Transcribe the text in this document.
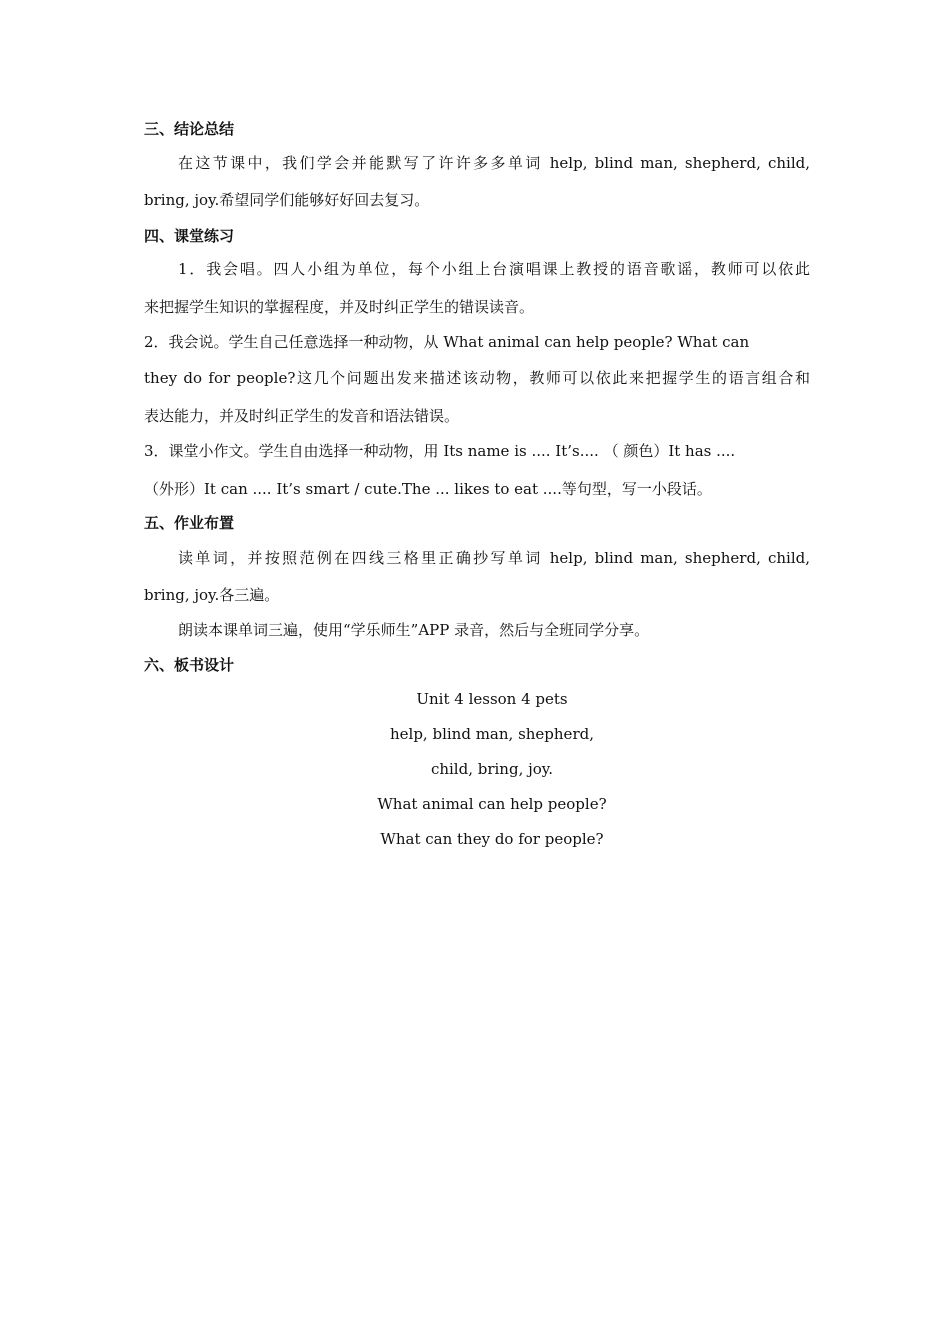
三、结论总结
在这节课中，我们学会并能默写了许许多多单词 help, blind man, shepherd, child,
bring, joy.希望同学们能够好好回去复习。
四、课堂练习
1．我会唱。四人小组为单位，每个小组上台演唱课上教授的语音歌谣，教师可以依此
来把握学生知识的掌握程度，并及时纠正学生的错误读音。
2．我会说。学生自己任意选择一种动物，从 What animal can help people? What can
they do for people?这几个问题出发来描述该动物，教师可以依此来把握学生的语言组合和
表达能力，并及时纠正学生的发音和语法错误。
3．课堂小作文。学生自由选择一种动物，用 Its name is .... It’s.... （ 颜色）It has ....
（外形）It can .... It’s smart / cute.The ... likes to eat ....等句型，写一小段话。
五、作业布置
读单词，并按照范例在四线三格里正确抄写单词 help, blind man, shepherd, child,
bring, joy.各三遍。
朗读本课单词三遍，使用“学乐师生”APP 录音，然后与全班同学分享。
六、板书设计
Unit 4 lesson 4 pets
help, blind man, shepherd,
child, bring, joy.
What animal can help people?
What can they do for people?
